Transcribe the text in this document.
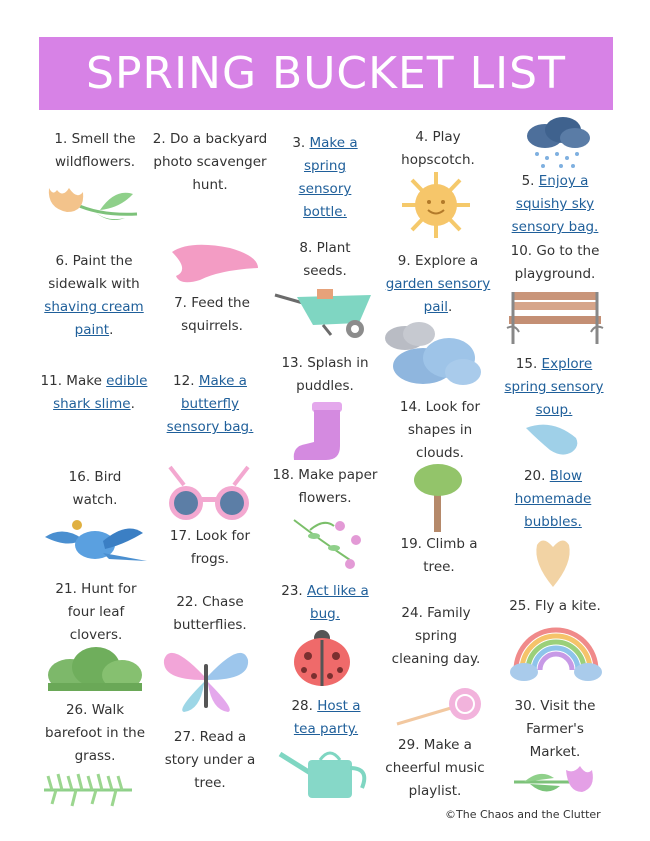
SPRING BUCKET LIST
1. Smell the wildflowers.
2. Do a backyard photo scavenger hunt.
3. Make a spring sensory bottle.
4. Play hopscotch.
5. Enjoy a squishy sky sensory bag.
6. Paint the sidewalk with shaving cream paint.
7. Feed the squirrels.
8. Plant seeds.
9. Explore a garden sensory pail.
10. Go to the playground.
11. Make edible shark slime.
12. Make a butterfly sensory bag.
13. Splash in puddles.
14. Look for shapes in clouds.
15. Explore spring sensory soup.
16. Bird watch.
17. Look for frogs.
18. Make paper flowers.
19. Climb a tree.
20. Blow homemade bubbles.
21. Hunt for four leaf clovers.
22. Chase butterflies.
23. Act like a bug.	24. Family spring cleaning day.
25. Fly a kite.
26. Walk barefoot in the grass.
27. Read a story under a tree.
28. Host a tea party.
29. Make a cheerful music playlist.
30. Visit the Farmer's Market.
©The Chaos and the Clutter
